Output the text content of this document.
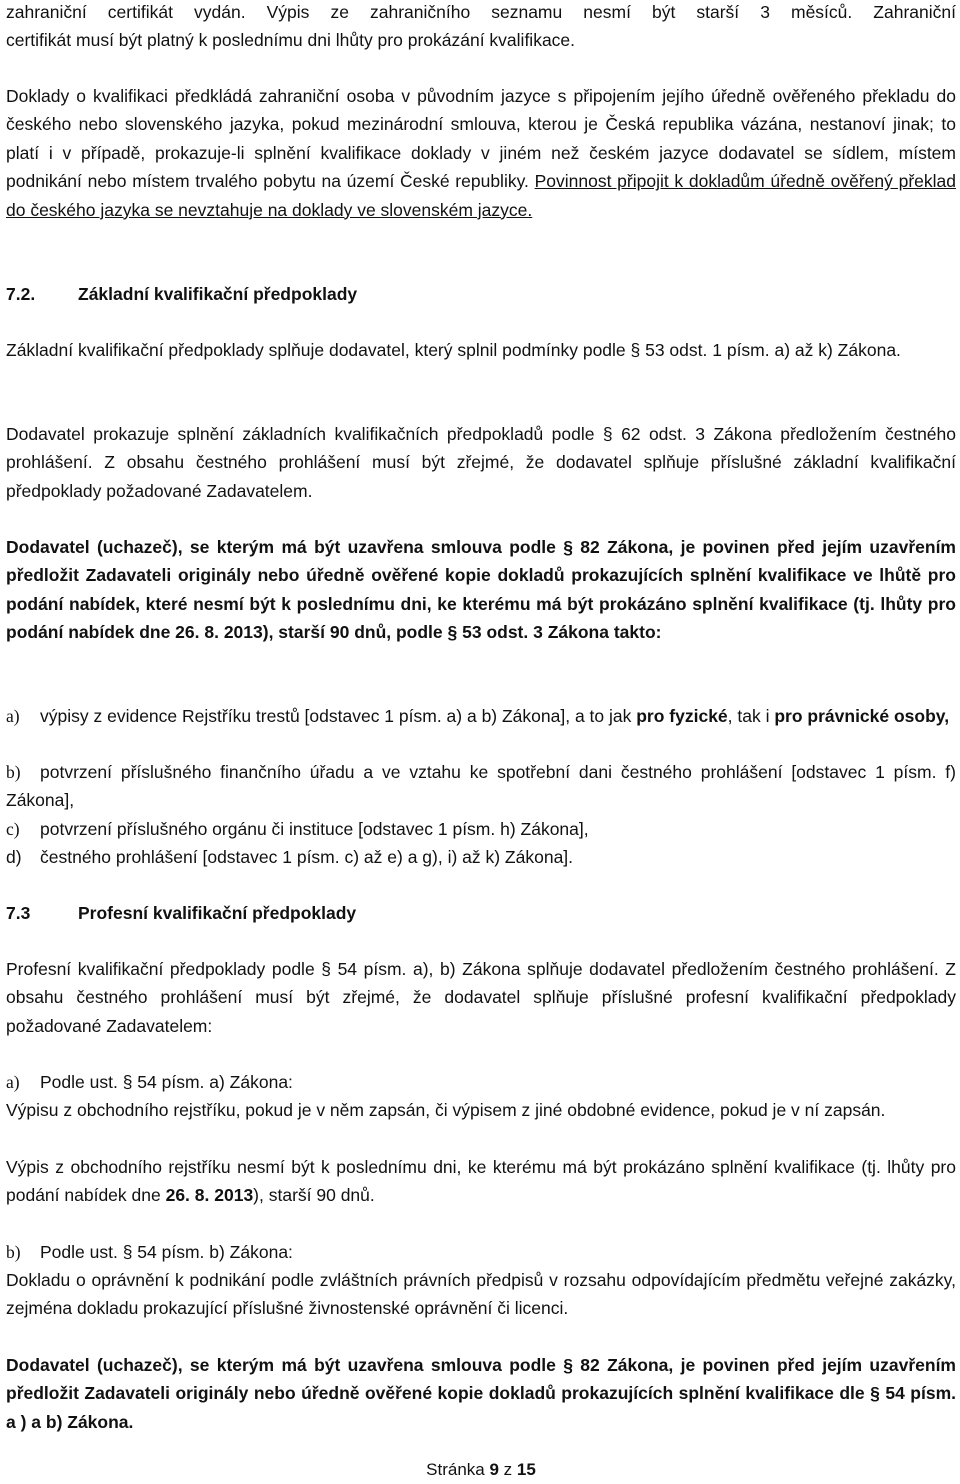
zahraniční certifikát vydán. Výpis ze zahraničního seznamu nesmí být starší 3 měsíců. Zahraniční
certifikát musí být platný k poslednímu dni lhůty pro prokázání kvalifikace.

Doklady o kvalifikaci předkládá zahraniční osoba v původním jazyce s připojením jejího úředně ověřeného překladu do českého nebo slovenského jazyka, pokud mezinárodní smlouva, kterou je Česká republika vázána, nestanoví jinak; to platí i v případě, prokazuje-li splnění kvalifikace doklady v jiném než českém jazyce dodavatel se sídlem, místem podnikání nebo místem trvalého pobytu na území České republiky. Povinnost připojit k dokladům úředně ověřený překlad do českého jazyka se nevztahuje na doklady ve slovenském jazyce.

7.2. Základní kvalifikační předpoklady

Základní kvalifikační předpoklady splňuje dodavatel, který splnil podmínky podle § 53 odst. 1 písm. a) až k) Zákona.

Dodavatel prokazuje splnění základních kvalifikačních předpokladů podle § 62 odst. 3 Zákona předložením čestného prohlášení. Z obsahu čestného prohlášení musí být zřejmé, že dodavatel splňuje příslušné základní kvalifikační předpoklady požadované Zadavatelem.

Dodavatel (uchazeč), se kterým má být uzavřena smlouva podle § 82 Zákona, je povinen před jejím uzavřením předložit Zadavateli originály nebo úředně ověřené kopie dokladů prokazujících splnění kvalifikace ve lhůtě pro podání nabídek, které nesmí být k poslednímu dni, ke kterému má být prokázáno splnění kvalifikace (tj. lhůty pro podání nabídek dne 26. 8. 2013), starší 90 dnů, podle § 53 odst. 3 Zákona takto:

a) výpisy z evidence Rejstříku trestů [odstavec 1 písm. a) a b) Zákona], a to jak pro fyzické, tak i pro právnické osoby,

b) potvrzení příslušného finančního úřadu a ve vztahu ke spotřební dani čestného prohlášení [odstavec 1 písm. f) Zákona],

c) potvrzení příslušného orgánu či instituce [odstavec 1 písm. h) Zákona],

d) čestného prohlášení [odstavec 1 písm. c) až e) a g), i) až k) Zákona].

7.3	Profesní kvalifikační předpoklady

Profesní kvalifikační předpoklady podle § 54 písm. a), b) Zákona splňuje dodavatel předložením čestného prohlášení. Z obsahu čestného prohlášení musí být zřejmé, že dodavatel splňuje příslušné profesní kvalifikační předpoklady požadované Zadavatelem:

a) Podle ust. § 54 písm. a) Zákona:

Výpisu z obchodního rejstříku, pokud je v něm zapsán, či výpisem z jiné obdobné evidence, pokud je v ní zapsán.

Výpis z obchodního rejstříku nesmí být k poslednímu dni, ke kterému má být prokázáno splnění kvalifikace (tj. lhůty pro podání nabídek dne 26. 8. 2013), starší 90 dnů.

b) Podle ust. § 54 písm. b) Zákona:

Dokladu o oprávnění k podnikání podle zvláštních právních předpisů v rozsahu odpovídajícím předmětu veřejné zakázky, zejména dokladu prokazující příslušné živnostenské oprávnění či licenci.

Dodavatel (uchazeč), se kterým má být uzavřena smlouva podle § 82 Zákona, je povinen před jejím uzavřením předložit Zadavateli originály nebo úředně ověřené kopie dokladů prokazujících splnění kvalifikace dle § 54 písm. a ) a b) Zákona.

Stránka 9 z 15
